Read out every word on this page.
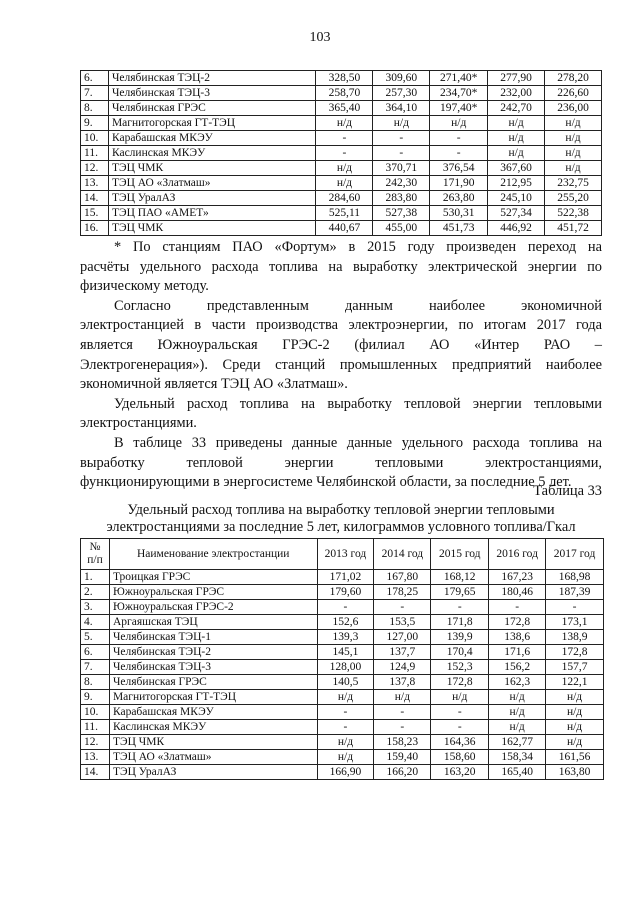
103
6.	Челябинская ТЭЦ-2	328,50	309,60	271,40*	277,90	278,20
7.	Челябинская ТЭЦ-3	258,70	257,30	234,70*	232,00	226,60
8.	Челябинская ГРЭС	365,40	364,10	197,40*	242,70	236,00
9.	Магнитогорская ГТ-ТЭЦ	н/д	н/д	н/д	н/д	н/д
10.	Карабашская МКЭУ	-	-	-	н/д	н/д
11.	Каслинская МКЭУ	-	-	-	н/д	н/д
12.	ТЭЦ ЧМК	н/д	370,71	376,54	367,60	н/д
13.	ТЭЦ АО «Златмаш»	н/д	242,30	171,90	212,95	232,75
14.	ТЭЦ УралАЗ	284,60	283,80	263,80	245,10	255,20
15.	ТЭЦ ПАО «АМЕТ»	525,11	527,38	530,31	527,34	522,38
16.	ТЭЦ ЧМК	440,67	455,00	451,73	446,92	451,72

* По станциям ПАО «Фортум» в 2015 году произведен переход на

расчёты удельного расхода топлива на выработку электрической энергии по

физическому методу.

Согласно представленным данным наиболее экономичной

электростанцией в части производства электроэнергии, по итогам 2017 года

является Южноуральская ГРЭС-2 (филиал АО «Интер РАО –

Электрогенерация»). Среди станций промышленных предприятий наиболее

экономичной является ТЭЦ АО «Златмаш».

Удельный расход топлива на выработку тепловой энергии тепловыми

электростанциями.

В таблице 33 приведены данные данные удельного расхода топлива на

выработку тепловой энергии тепловыми электростанциями,

функционирующими в энергосистеме Челябинской области, за последние 5 лет.

Таблица 33

Удельный расход топлива на выработку тепловой энергии тепловыми

электростанциями за последние 5 лет, килограммов условного топлива/Гкал

№ п/п	Наименование электростанции	2013 год	2014 год	2015 год	2016 год	2017 год
1.	Троицкая ГРЭС	171,02	167,80	168,12	167,23	168,98
2.	Южноуральская ГРЭС	179,60	178,25	179,65	180,46	187,39
3.	Южноуральская ГРЭС-2	-	-	-	-	-
4.	Аргаяшская ТЭЦ	152,6	153,5	171,8	172,8	173,1
5.	Челябинская ТЭЦ-1	139,3	127,00	139,9	138,6	138,9
6.	Челябинская ТЭЦ-2	145,1	137,7	170,4	171,6	172,8
7.	Челябинская ТЭЦ-3	128,00	124,9	152,3	156,2	157,7
8.	Челябинская ГРЭС	140,5	137,8	172,8	162,3	122,1
9.	Магнитогорская ГТ-ТЭЦ	н/д	н/д	н/д	н/д	н/д
10.	Карабашская МКЭУ	-	-	-	н/д	н/д
11.	Каслинская МКЭУ	-	-	-	н/д	н/д
12.	ТЭЦ ЧМК	н/д	158,23	164,36	162,77	н/д
13.	ТЭЦ АО «Златмаш»	н/д	159,40	158,60	158,34	161,56
14.	ТЭЦ УралАЗ	166,90	166,20	163,20	165,40	163,80
